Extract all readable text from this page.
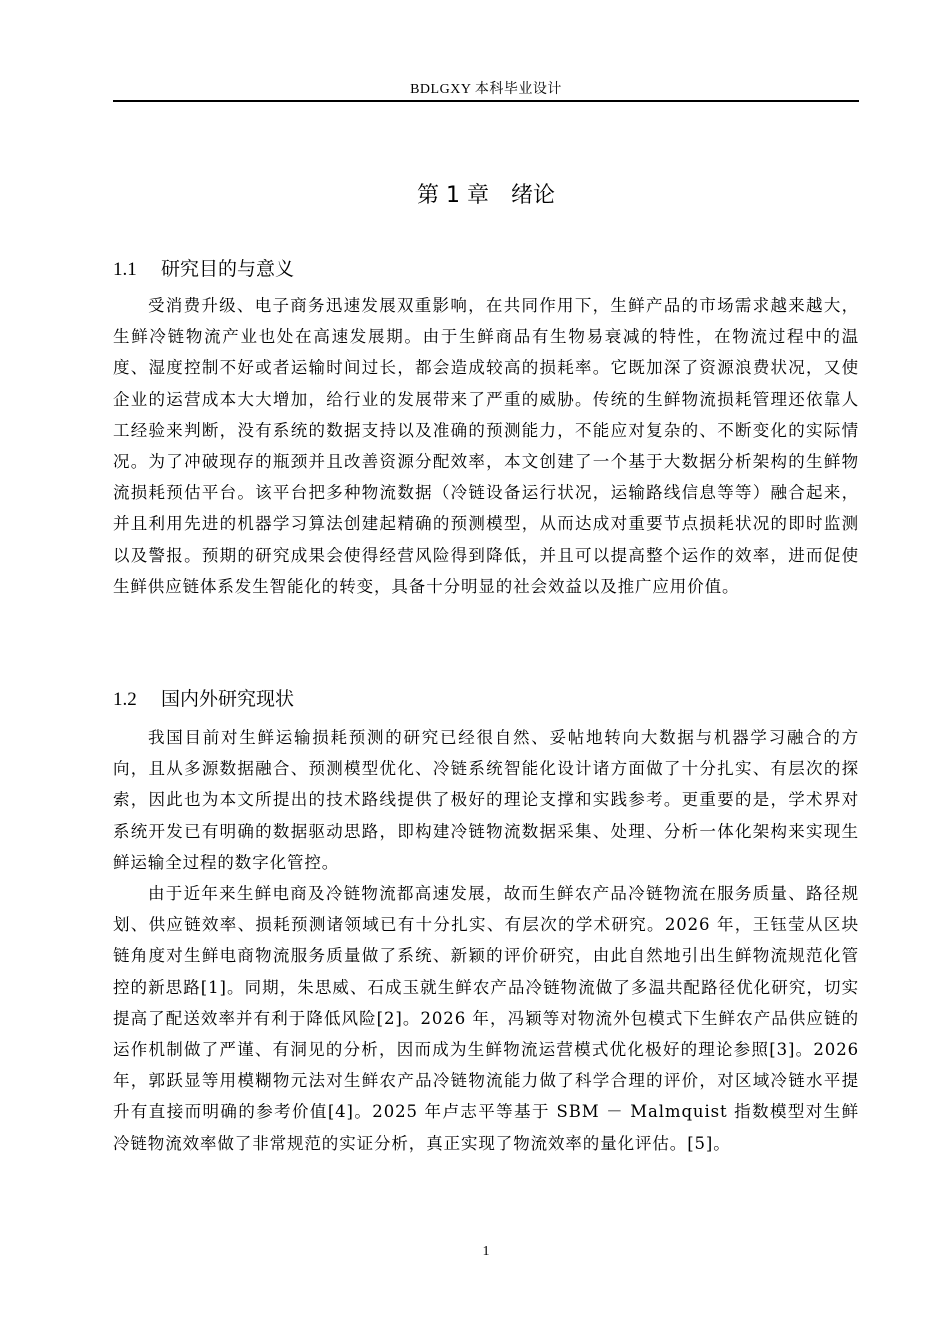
BDLGXY 本科毕业设计
第 1 章　绪论
1.1 研究目的与意义

受消费升级、电子商务迅速发展双重影响，在共同作用下，生鲜产品的市场需求越来越大，生鲜冷链物流产业也处在高速发展期。由于生鲜商品有生物易衰减的特性，在物流过程中的温度、湿度控制不好或者运输时间过长，都会造成较高的损耗率。它既加深了资源浪费状况，又使企业的运营成本大大增加，给行业的发展带来了严重的威胁。传统的生鲜物流损耗管理还依靠人工经验来判断，没有系统的数据支持以及准确的预测能力，不能应对复杂的、不断变化的实际情况。为了冲破现存的瓶颈并且改善资源分配效率，本文创建了一个基于大数据分析架构的生鲜物流损耗预估平台。该平台把多种物流数据（冷链设备运行状况，运输路线信息等等）融合起来，并且利用先进的机器学习算法创建起精确的预测模型，从而达成对重要节点损耗状况的即时监测以及警报。预期的研究成果会使得经营风险得到降低，并且可以提高整个运作的效率，进而促使生鲜供应链体系发生智能化的转变，具备十分明显的社会效益以及推广应用价值。

1.2 国内外研究现状

我国目前对生鲜运输损耗预测的研究已经很自然、妥帖地转向大数据与机器学习融合的方向，且从多源数据融合、预测模型优化、冷链系统智能化设计诸方面做了十分扎实、有层次的探索，因此也为本文所提出的技术路线提供了极好的理论支撑和实践参考。更重要的是，学术界对系统开发已有明确的数据驱动思路，即构建冷链物流数据采集、处理、分析一体化架构来实现生鲜运输全过程的数字化管控。

由于近年来生鲜电商及冷链物流都高速发展，故而生鲜农产品冷链物流在服务质量、路径规划、供应链效率、损耗预测诸领域已有十分扎实、有层次的学术研究。2026 年，王钰莹从区块链角度对生鲜电商物流服务质量做了系统、新颖的评价研究，由此自然地引出生鲜物流规范化管控的新思路[1]。同期，朱思威、石成玉就生鲜农产品冷链物流做了多温共配路径优化研究，切实提高了配送效率并有利于降低风险[2]。2026 年，冯颖等对物流外包模式下生鲜农产品供应链的运作机制做了严谨、有洞见的分析，因而成为生鲜物流运营模式优化极好的理论参照[3]。2026 年，郭跃显等用模糊物元法对生鲜农产品冷链物流能力做了科学合理的评价，对区域冷链水平提升有直接而明确的参考价值[4]。2025 年卢志平等基于 SBM － Malmquist 指数模型对生鲜冷链物流效率做了非常规范的实证分析，真正实现了物流效率的量化评估。[5]。

1
